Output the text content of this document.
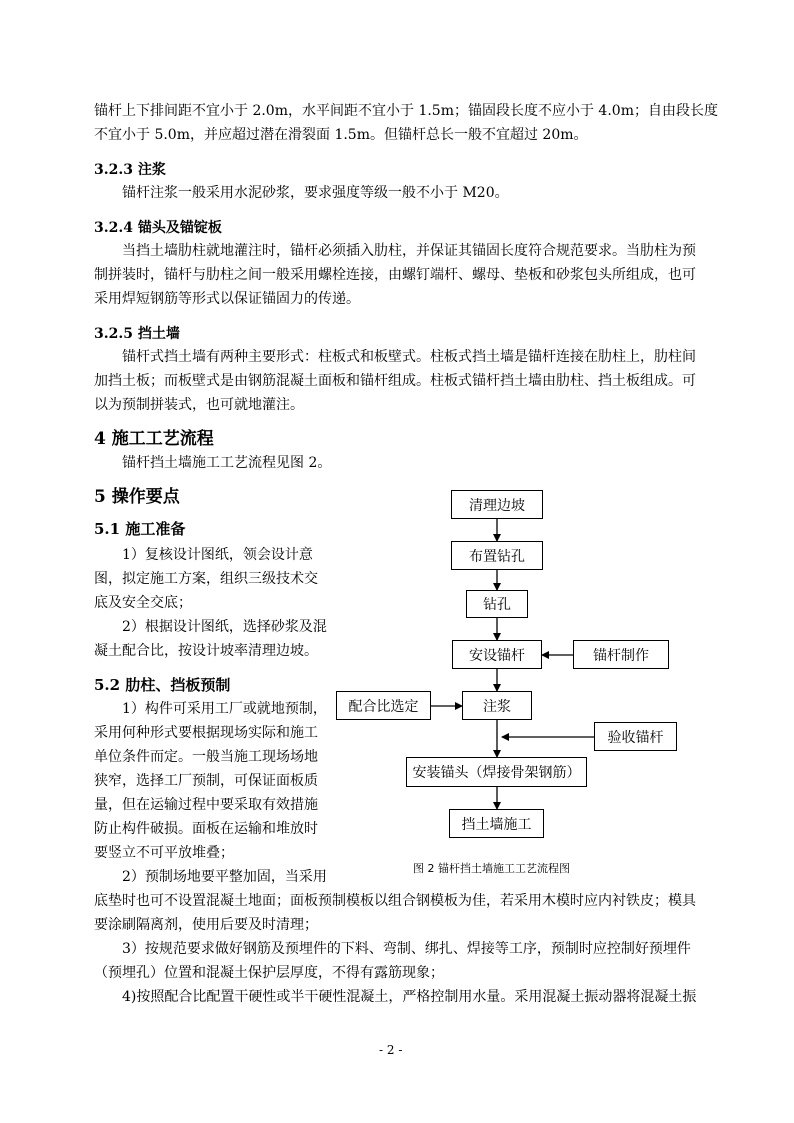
锚杆上下排间距不宜小于 2.0m，水平间距不宜小于 1.5m；锚固段长度不应小于 4.0m；自由段长度
不宜小于 5.0m，并应超过潜在滑裂面 1.5m。但锚杆总长一般不宜超过 20m。
3.2.3 注浆
锚杆注浆一般采用水泥砂浆，要求强度等级一般不小于 M20。
3.2.4 锚头及锚锭板
当挡土墙肋柱就地灌注时，锚杆必须插入肋柱，并保证其锚固长度符合规范要求。当肋柱为预
制拼装时，锚杆与肋柱之间一般采用螺栓连接，由螺钉端杆、螺母、垫板和砂浆包头所组成，也可
采用焊短钢筋等形式以保证锚固力的传递。
3.2.5 挡土墙
锚杆式挡土墙有两种主要形式：柱板式和板壁式。柱板式挡土墙是锚杆连接在肋柱上，肋柱间
加挡土板；而板壁式是由钢筋混凝土面板和锚杆组成。柱板式锚杆挡土墙由肋柱、挡土板组成。可
以为预制拼装式，也可就地灌注。
4 施工工艺流程
锚杆挡土墙施工工艺流程见图 2。
5 操作要点
5.1 施工准备
1）复核设计图纸，领会设计意
图，拟定施工方案，组织三级技术交
底及安全交底；
2）根据设计图纸，选择砂浆及混
凝土配合比，按设计坡率清理边坡。
5.2 肋柱、挡板预制
1）构件可采用工厂或就地预制，
采用何种形式要根据现场实际和施工
单位条件而定。一般当施工现场场地
狭窄，选择工厂预制，可保证面板质
量，但在运输过程中要采取有效措施
防止构件破损。面板在运输和堆放时
要竖立不可平放堆叠；
2）预制场地要平整加固，当采用
底垫时也可不设置混凝土地面；面板预制模板以组合钢模板为佳，若采用木模时应内衬铁皮；模具
要涂刷隔离剂，使用后要及时清理；
3）按规范要求做好钢筋及预埋件的下料、弯制、绑扎、焊接等工序，预制时应控制好预埋件
（预埋孔）位置和混凝土保护层厚度，不得有露筋现象；
4)按照配合比配置干硬性或半干硬性混凝土，严格控制用水量。采用混凝土振动器将混凝土振
清理边坡
布置钻孔
钻孔
安设锚杆	锚杆制作
配合比选定	注浆
验收锚杆
安装锚头（焊接骨架钢筋）
挡土墙施工
图 2 锚杆挡土墙施工工艺流程图
- 2 -
